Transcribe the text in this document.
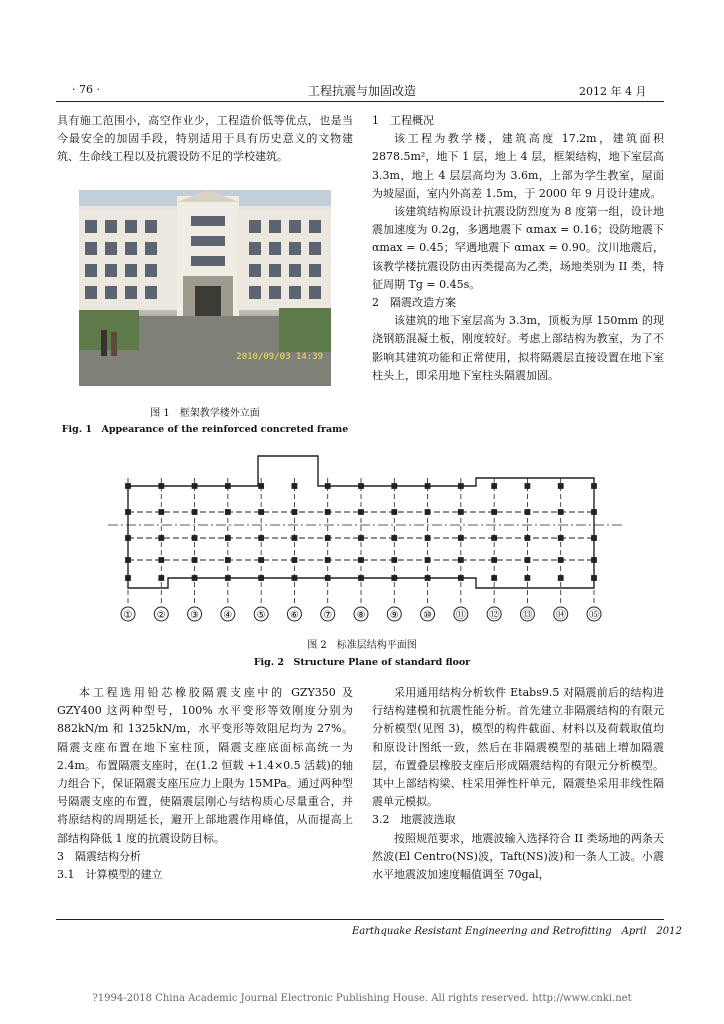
· 76 ·	工程抗震与加固改造	2012 年 4 月

具有施工范围小，高空作业少，工程造价低等优点，也是当今最安全的加固手段，特别适用于具有历史意义的文物建筑、生命线工程以及抗震设防不足的学校建筑。

2010/09/03 14:39
图 1　框架教学楼外立面
Fig. 1　Appearance of the reinforced concreted frame

1　工程概况

该工程为教学楼，建筑高度 17.2m，建筑面积 2878.5m²，地下 1 层，地上 4 层，框架结构，地下室层高 3.3m，地上 4 层层高均为 3.6m，上部为学生教室，屋面为坡屋面，室内外高差 1.5m，于 2000 年 9 月设计建成。

该建筑结构原设计抗震设防烈度为 8 度第一组，设计地震加速度为 0.2g，多遇地震下 αmax = 0.16；设防地震下 αmax = 0.45；罕遇地震下 αmax = 0.90。汶川地震后，该教学楼抗震设防由丙类提高为乙类，场地类别为 II 类，特征周期 Tg = 0.45s。

2　隔震改造方案

该建筑的地下室层高为 3.3m，顶板为厚 150mm 的现浇钢筋混凝土板，刚度较好。考虑上部结构为教室，为了不影响其建筑功能和正常使用，拟将隔震层直接设置在地下室柱头上，即采用地下室柱头隔震加固。

① ② ③ ④ ⑤ ⑥ ⑦ ⑧ ⑨ ⑩ ⑪ ⑫ ⑬ ⑭ ⑮
图 2　标准层结构平面图
Fig. 2　Structure Plane of standard floor

本工程选用铅芯橡胶隔震支座中的 GZY350 及 GZY400 这两种型号，100% 水平变形等效刚度分别为 882kN/m 和 1325kN/m，水平变形等效阻尼均为 27%。隔震支座布置在地下室柱顶，隔震支座底面标高统一为 2.4m。布置隔震支座时，在(1.2 恒载 +1.4×0.5 活载)的轴力组合下，保证隔震支座压应力上限为 15MPa。通过两种型号隔震支座的布置，使隔震层刚心与结构质心尽量重合，并将原结构的周期延长，避开上部地震作用峰值，从而提高上部结构降低 1 度的抗震设防目标。

3　隔震结构分析

3.1　计算模型的建立

采用通用结构分析软件 Etabs9.5 对隔震前后的结构进行结构建模和抗震性能分析。首先建立非隔震结构的有限元分析模型(见图 3)，模型的构件截面、材料以及荷载取值均和原设计图纸一致，然后在非隔震模型的基础上增加隔震层，布置叠层橡胶支座后形成隔震结构的有限元分析模型。其中上部结构梁、柱采用弹性杆单元，隔震垫采用非线性隔震单元模拟。

3.2　地震波选取

按照规范要求，地震波输入选择符合 II 类场地的两条天然波(El Centro(NS)波，Taft(NS)波)和一条人工波。小震水平地震波加速度幅值调至 70gal，

Earthquake Resistant Engineering and Retrofitting　April　2012
?1994-2018 China Academic Journal Electronic Publishing House. All rights reserved. http://www.cnki.net
